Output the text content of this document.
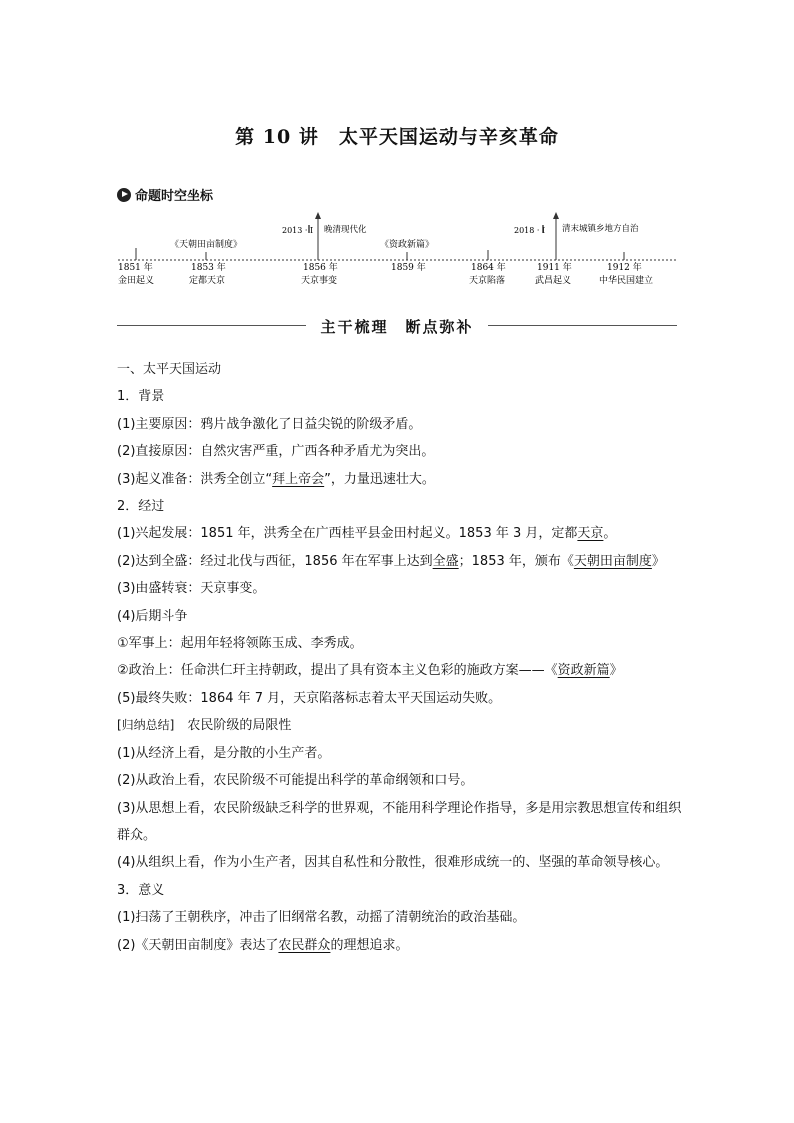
第 10 讲　太平天国运动与辛亥革命
命题时空坐标
1851 年
金田起义
《天朝田亩制度》
1853 年
定都天京
2013 · Ⅰ 晚清现代化
1856 年
天京事变
《资政新篇》
1859 年	1864 年
天京陷落
2018 · Ⅰ 清末城镇乡地方自治
1911 年
武昌起义
1912 年
中华民国建立
主干梳理　断点弥补

一、太平天国运动

1．背景

(1)主要原因：鸦片战争激化了日益尖锐的阶级矛盾。

(2)直接原因：自然灾害严重，广西各种矛盾尤为突出。

(3)起义准备：洪秀全创立“拜上帝会”，力量迅速壮大。

2．经过

(1)兴起发展：1851 年，洪秀全在广西桂平县金田村起义。1853 年 3 月，定都天京。

(2)达到全盛：经过北伐与西征，1856 年在军事上达到全盛；1853 年，颁布《天朝田亩制度》

(3)由盛转衰：天京事变。

(4)后期斗争

①军事上：起用年轻将领陈玉成、李秀成。

②政治上：任命洪仁玕主持朝政，提出了具有资本主义色彩的施政方案——《资政新篇》

(5)最终失败：1864 年 7 月，天京陷落标志着太平天国运动失败。

[归纳总结]　农民阶级的局限性

(1)从经济上看，是分散的小生产者。

(2)从政治上看，农民阶级不可能提出科学的革命纲领和口号。

(3)从思想上看，农民阶级缺乏科学的世界观，不能用科学理论作指导，多是用宗教思想宣传和组织群众。

(4)从组织上看，作为小生产者，因其自私性和分散性，很难形成统一的、坚强的革命领导核心。

3．意义

(1)扫荡了王朝秩序，冲击了旧纲常名教，动摇了清朝统治的政治基础。

(2)《天朝田亩制度》表达了农民群众的理想追求。
